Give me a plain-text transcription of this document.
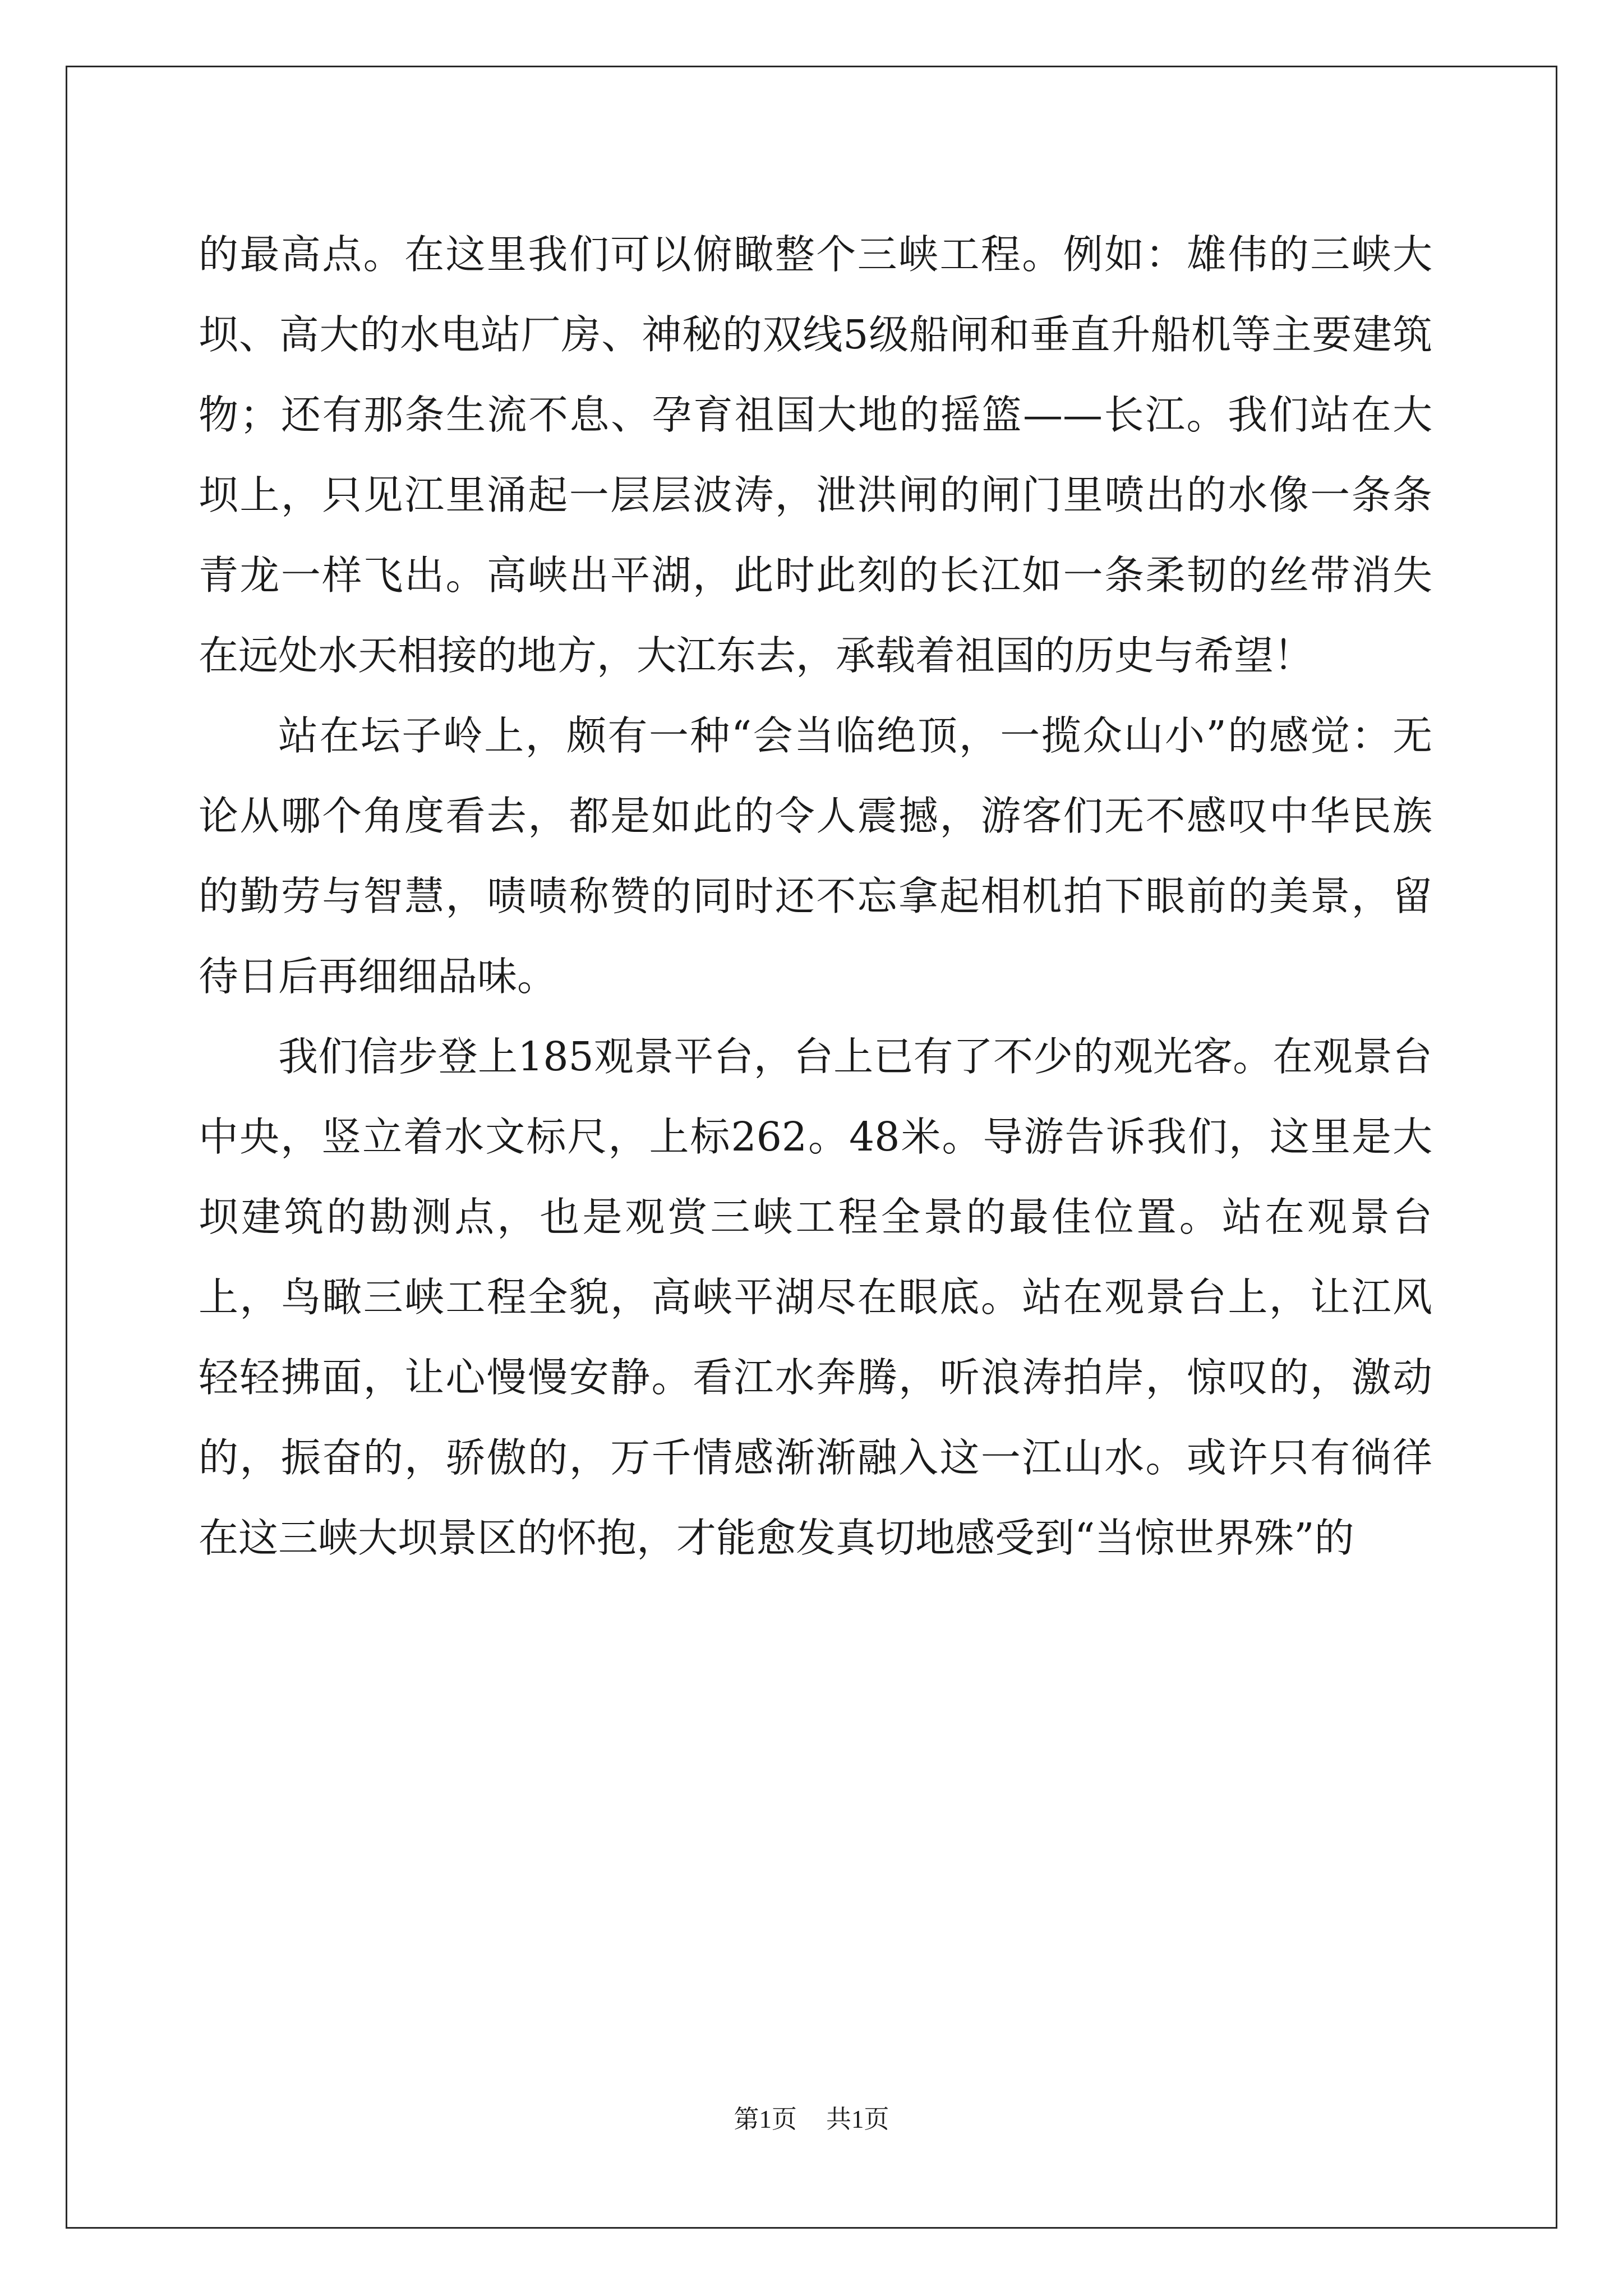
的最高点。在这里我们可以俯瞰整个三峡工程。例如：雄伟的三峡大坝、高大的水电站厂房、神秘的双线5级船闸和垂直升船机等主要建筑物；还有那条生流不息、孕育祖国大地的摇篮——长江。我们站在大坝上，只见江里涌起一层层波涛，泄洪闸的闸门里喷出的水像一条条青龙一样飞出。高峡出平湖，此时此刻的长江如一条柔韧的丝带消失在远处水天相接的地方，大江东去，承载着祖国的历史与希望！

站在坛子岭上，颇有一种“会当临绝顶，一揽众山小”的感觉：无论从哪个角度看去，都是如此的令人震撼，游客们无不感叹中华民族的勤劳与智慧，啧啧称赞的同时还不忘拿起相机拍下眼前的美景，留待日后再细细品味。

我们信步登上185观景平台，台上已有了不少的观光客。在观景台中央，竖立着水文标尺，上标262。48米。导游告诉我们，这里是大坝建筑的勘测点，也是观赏三峡工程全景的最佳位置。站在观景台上，鸟瞰三峡工程全貌，高峡平湖尽在眼底。站在观景台上，让江风轻轻拂面，让心慢慢安静。看江水奔腾，听浪涛拍岸，惊叹的，激动的，振奋的，骄傲的，万千情感渐渐融入这一江山水。或许只有徜徉在这三峡大坝景区的怀抱，才能愈发真切地感受到“当惊世界殊”的

第1页 共1页
